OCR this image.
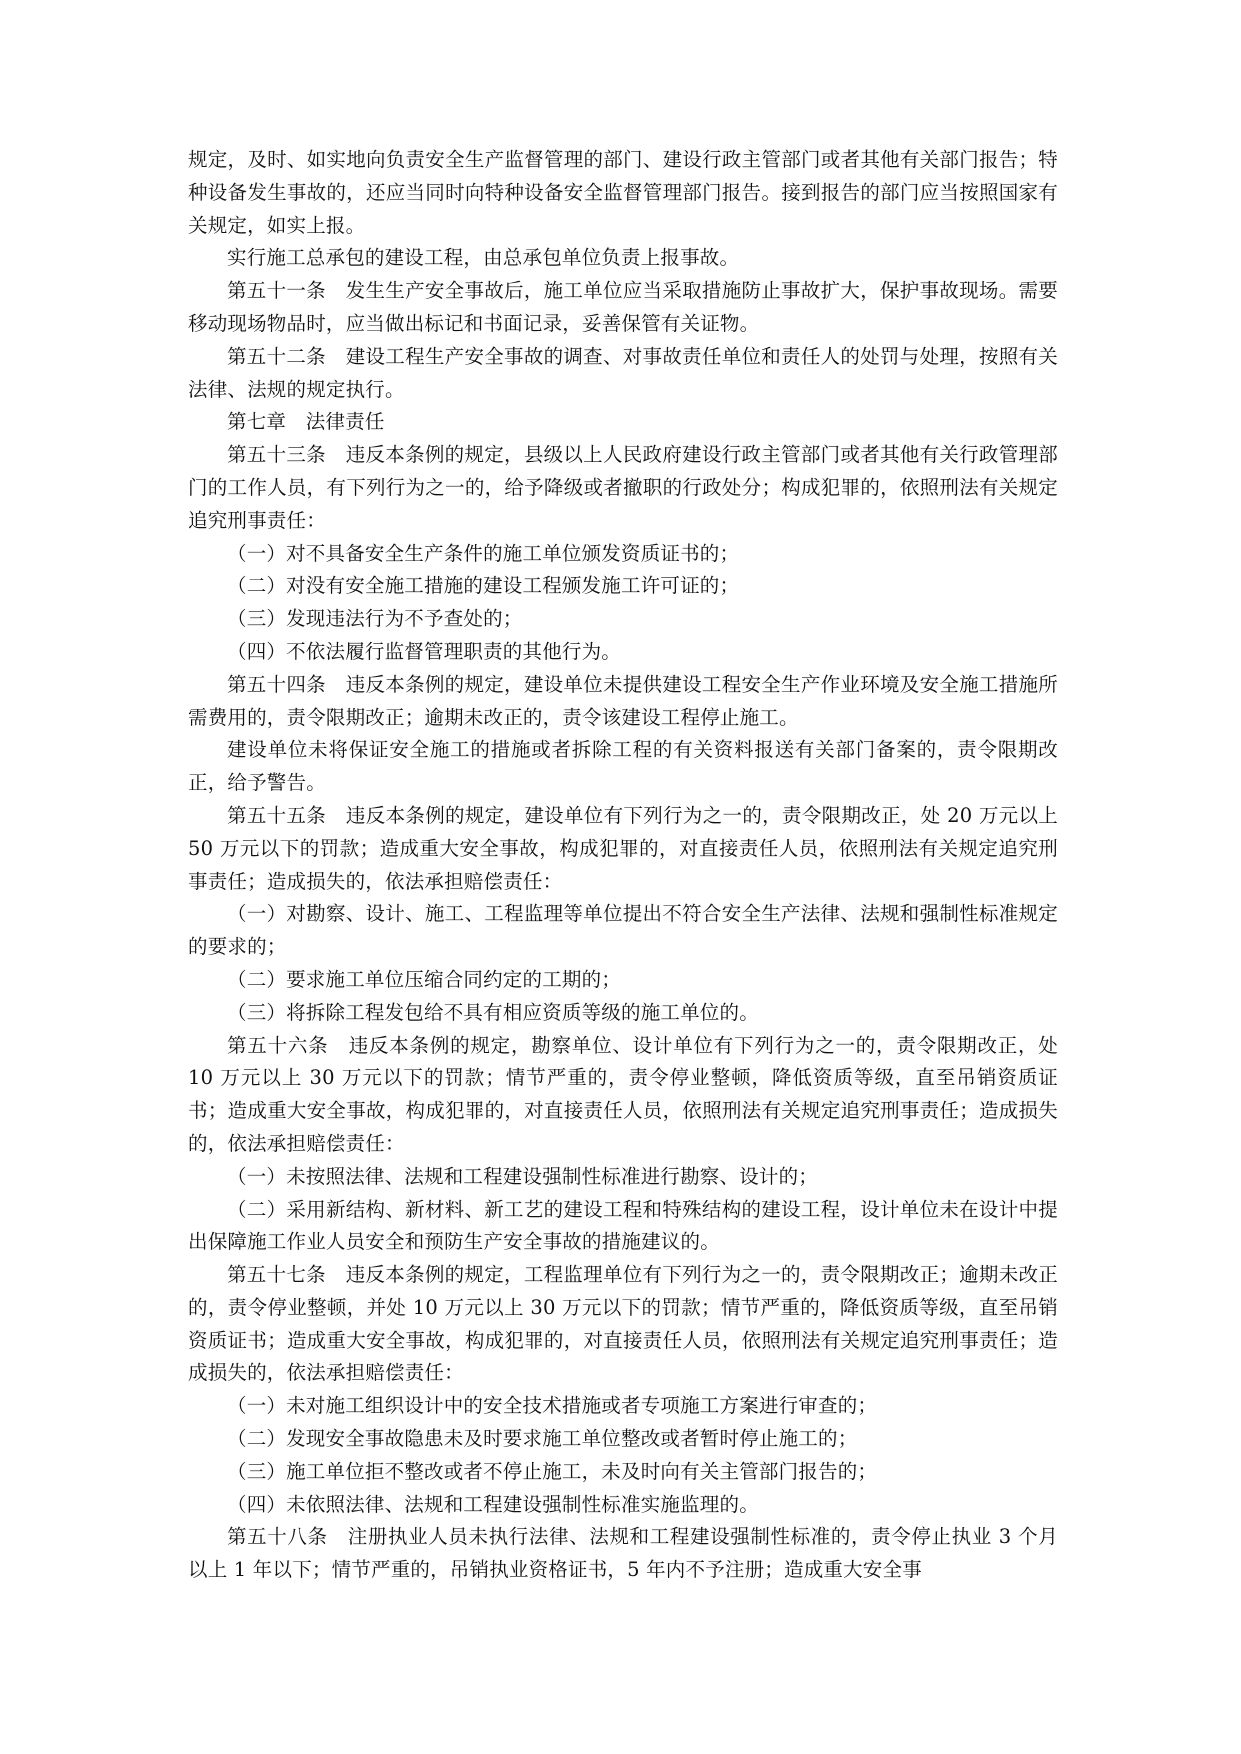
规定，及时、如实地向负责安全生产监督管理的部门、建设行政主管部门或者其他有关部门报告；特种设备发生事故的，还应当同时向特种设备安全监督管理部门报告。接到报告的部门应当按照国家有关规定，如实上报。

实行施工总承包的建设工程，由总承包单位负责上报事故。

第五十一条　发生生产安全事故后，施工单位应当采取措施防止事故扩大，保护事故现场。需要移动现场物品时，应当做出标记和书面记录，妥善保管有关证物。

第五十二条　建设工程生产安全事故的调查、对事故责任单位和责任人的处罚与处理，按照有关法律、法规的规定执行。

第七章　法律责任

第五十三条　违反本条例的规定，县级以上人民政府建设行政主管部门或者其他有关行政管理部门的工作人员，有下列行为之一的，给予降级或者撤职的行政处分；构成犯罪的，依照刑法有关规定追究刑事责任：

（一）对不具备安全生产条件的施工单位颁发资质证书的；

（二）对没有安全施工措施的建设工程颁发施工许可证的；

（三）发现违法行为不予查处的；

（四）不依法履行监督管理职责的其他行为。

第五十四条　违反本条例的规定，建设单位未提供建设工程安全生产作业环境及安全施工措施所需费用的，责令限期改正；逾期未改正的，责令该建设工程停止施工。

建设单位未将保证安全施工的措施或者拆除工程的有关资料报送有关部门备案的，责令限期改正，给予警告。

第五十五条　违反本条例的规定，建设单位有下列行为之一的，责令限期改正，处 20 万元以上 50 万元以下的罚款；造成重大安全事故，构成犯罪的，对直接责任人员，依照刑法有关规定追究刑事责任；造成损失的，依法承担赔偿责任：

（一）对勘察、设计、施工、工程监理等单位提出不符合安全生产法律、法规和强制性标准规定的要求的；

（二）要求施工单位压缩合同约定的工期的；

（三）将拆除工程发包给不具有相应资质等级的施工单位的。

第五十六条　违反本条例的规定，勘察单位、设计单位有下列行为之一的，责令限期改正，处 10 万元以上 30 万元以下的罚款；情节严重的，责令停业整顿，降低资质等级，直至吊销资质证书；造成重大安全事故，构成犯罪的，对直接责任人员，依照刑法有关规定追究刑事责任；造成损失的，依法承担赔偿责任：

（一）未按照法律、法规和工程建设强制性标准进行勘察、设计的；

（二）采用新结构、新材料、新工艺的建设工程和特殊结构的建设工程，设计单位未在设计中提出保障施工作业人员安全和预防生产安全事故的措施建议的。

第五十七条　违反本条例的规定，工程监理单位有下列行为之一的，责令限期改正；逾期未改正的，责令停业整顿，并处 10 万元以上 30 万元以下的罚款；情节严重的，降低资质等级，直至吊销资质证书；造成重大安全事故，构成犯罪的，对直接责任人员，依照刑法有关规定追究刑事责任；造成损失的，依法承担赔偿责任：

（一）未对施工组织设计中的安全技术措施或者专项施工方案进行审查的；

（二）发现安全事故隐患未及时要求施工单位整改或者暂时停止施工的；

（三）施工单位拒不整改或者不停止施工，未及时向有关主管部门报告的；

（四）未依照法律、法规和工程建设强制性标准实施监理的。

第五十八条　注册执业人员未执行法律、法规和工程建设强制性标准的，责令停止执业 3 个月以上 1 年以下；情节严重的，吊销执业资格证书，5 年内不予注册；造成重大安全事
